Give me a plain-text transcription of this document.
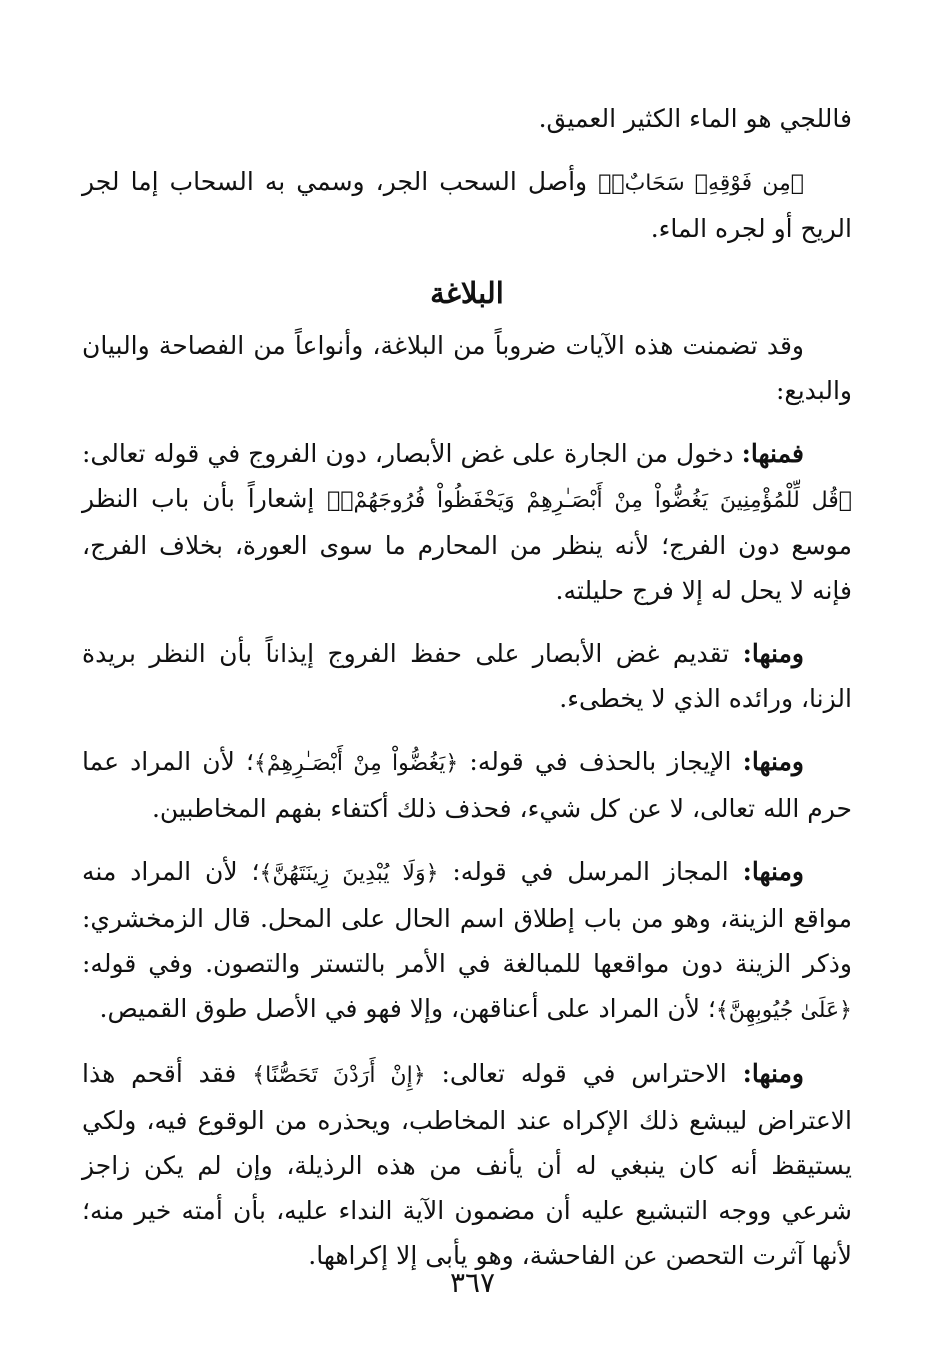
فاللجي هو الماء الكثير العميق.

﴿مِن فَوْقِهِۦ سَحَابٌۚ﴾ وأصل السحب الجر، وسمي به السحاب إما لجر الريح أو لجره الماء.

البلاغة

وقد تضمنت هذه الآيات ضروباً من البلاغة، وأنواعاً من الفصاحة والبيان والبديع:

فمنها: دخول من الجارة على غض الأبصار، دون الفروج في قوله تعالى: ﴿قُل لِّلْمُؤْمِنِينَ يَغُضُّواْ مِنْ أَبْصَـٰرِهِمْ وَيَحْفَظُواْ فُرُوجَهُمْۚ﴾ إشعاراً بأن باب النظر موسع دون الفرج؛ لأنه ينظر من المحارم ما سوى العورة، بخلاف الفرج، فإنه لا يحل له إلا فرج حليلته.

ومنها: تقديم غض الأبصار على حفظ الفروج إيذاناً بأن النظر بريدة الزنا، ورائده الذي لا يخطىء.

ومنها: الإيجاز بالحذف في قوله: ﴿يَغُضُّواْ مِنْ أَبْصَـٰرِهِمْ﴾؛ لأن المراد عما حرم الله تعالى، لا عن كل شيء، فحذف ذلك أكتفاء بفهم المخاطبين.

ومنها: المجاز المرسل في قوله: ﴿وَلَا يُبْدِينَ زِينَتَهُنَّ﴾؛ لأن المراد منه مواقع الزينة، وهو من باب إطلاق اسم الحال على المحل. قال الزمخشري: وذكر الزينة دون مواقعها للمبالغة في الأمر بالتستر والتصون. وفي قوله: ﴿عَلَىٰ جُيُوبِهِنَّ﴾؛ لأن المراد على أعناقهن، وإلا فهو في الأصل طوق القميص.

ومنها: الاحتراس في قوله تعالى: ﴿إِنْ أَرَدْنَ تَحَصُّنًا﴾ فقد أقحم هذا الاعتراض ليبشع ذلك الإكراه عند المخاطب، ويحذره من الوقوع فيه، ولكي يستيقظ أنه كان ينبغي له أن يأنف من هذه الرذيلة، وإن لم يكن زاجز شرعي ووجه التبشيع عليه أن مضمون الآية النداء عليه، بأن أمته خير منه؛ لأنها آثرت التحصن عن الفاحشة، وهو يأبى إلا إكراهها.

٣٦٧
